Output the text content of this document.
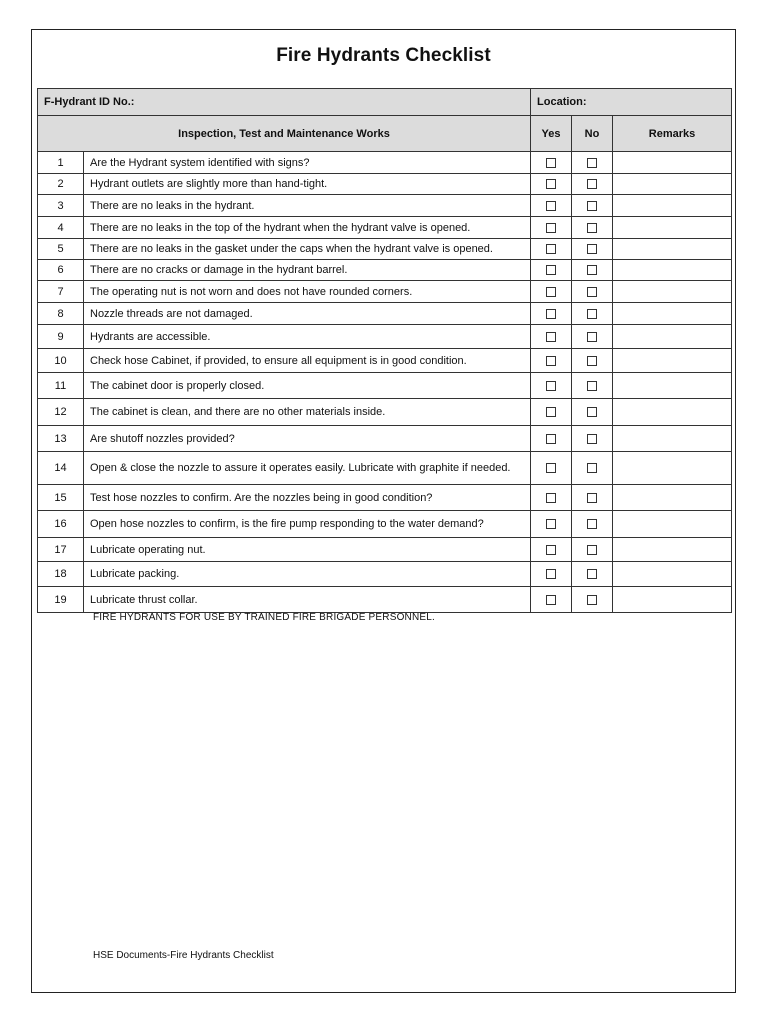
Fire Hydrants Checklist
F-Hydrant ID No.:		Location:		
Inspection, Test and Maintenance Works		Yes	No	Remarks
1	Are the Hydrant system identified with signs?			
2	Hydrant outlets are slightly more than hand-tight.			
3	There are no leaks in the hydrant.			
4	There are no leaks in the top of the hydrant when the hydrant valve is opened.			
5	There are no leaks in the gasket under the caps when the hydrant valve is opened.			
6	There are no cracks or damage in the hydrant barrel.			
7	The operating nut is not worn and does not have rounded corners.			
8	Nozzle threads are not damaged.			
9	Hydrants are accessible.			
10	Check hose Cabinet, if provided, to ensure all equipment is in good condition.			
11	The cabinet door is properly closed.			
12	The cabinet is clean, and there are no other materials inside.			
13	Are shutoff nozzles provided?			
14	Open & close the nozzle to assure it operates easily. Lubricate with graphite if needed.			
15	Test hose nozzles to confirm. Are the nozzles being in good condition?			
16	Open hose nozzles to confirm, is the fire pump responding to the water demand?			
17	Lubricate operating nut.			
18	Lubricate packing.			
19	Lubricate thrust collar.			
FIRE HYDRANTS FOR USE BY TRAINED FIRE BRIGADE PERSONNEL.
HSE Documents-Fire Hydrants Checklist
